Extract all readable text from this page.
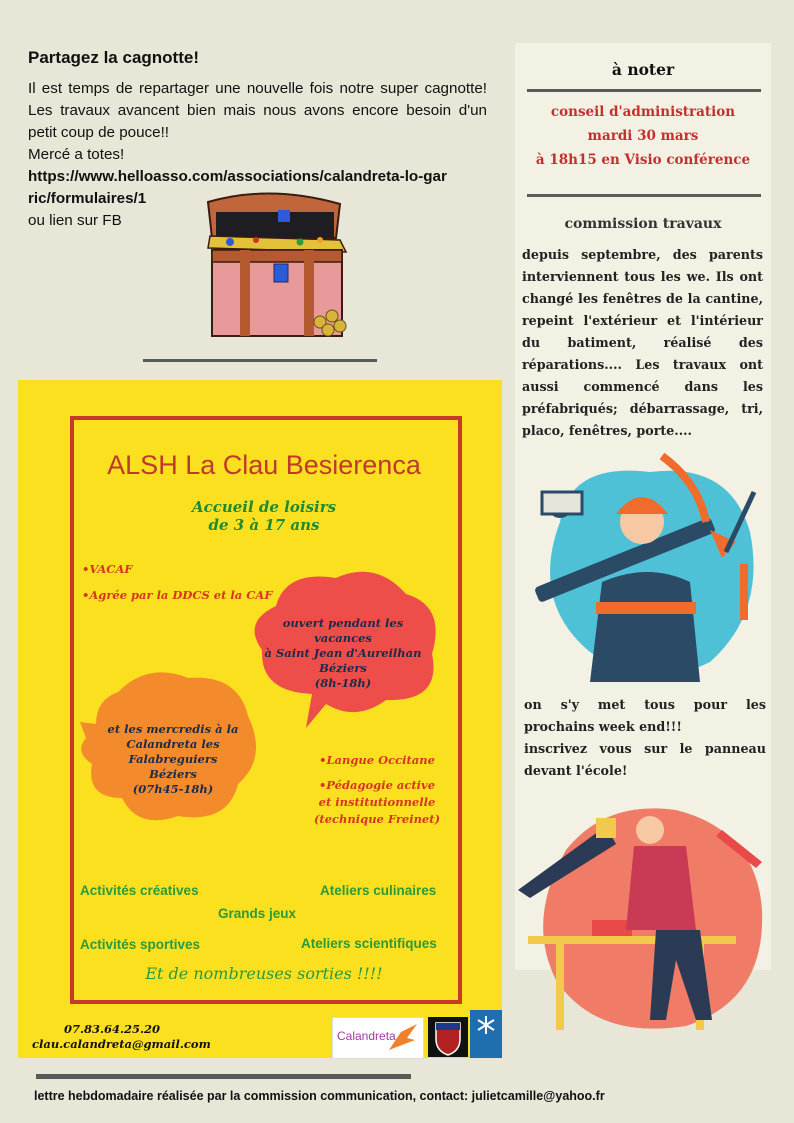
Partagez la cagnotte!
Il est temps de repartager une nouvelle fois notre super cagnotte! Les travaux avancent bien mais nous avons encore besoin d'un petit coup de pouce!!
Mercé a totes!
https://www.helloasso.com/associations/calandreta-lo-garric/formulaires/1
ou lien sur FB
ALSH La Clau Besierenca
Accueil de loisirs
de 3 à 17 ans
•VACAF
•Agrée par la DDCS et la CAF
ouvert pendant les vacances
à Saint Jean d'Aureilhan
Béziers
(8h-18h)
et les mercredis à la
Calandreta les Falabreguiers
Béziers
(07h45-18h)
•Langue Occitane
•Pédagogie active
et institutionnelle
(technique Freinet)
Activités créatives	Ateliers culinaires
Grands jeux
Activités sportives	Ateliers scientifiques
Et de nombreuses sorties !!!!
07.83.64.25.20
clau.calandreta@gmail.com
Calandreta
à noter
conseil d'administration
mardi 30 mars
à 18h15 en Visio conférence
commission travaux
depuis septembre, des parents interviennent tous les we. Ils ont changé les fenêtres de la cantine, repeint l'extérieur et l'intérieur du batiment, réalisé des réparations.... Les travaux ont aussi commencé dans les préfabriqués; débarrassage, tri, placo, fenêtres, porte....
on s'y met tous pour les prochains week end!!!
inscrivez vous sur le panneau devant l'école!
lettre hebdomadaire réalisée par la commission communication, contact: julietcamille@yahoo.fr
